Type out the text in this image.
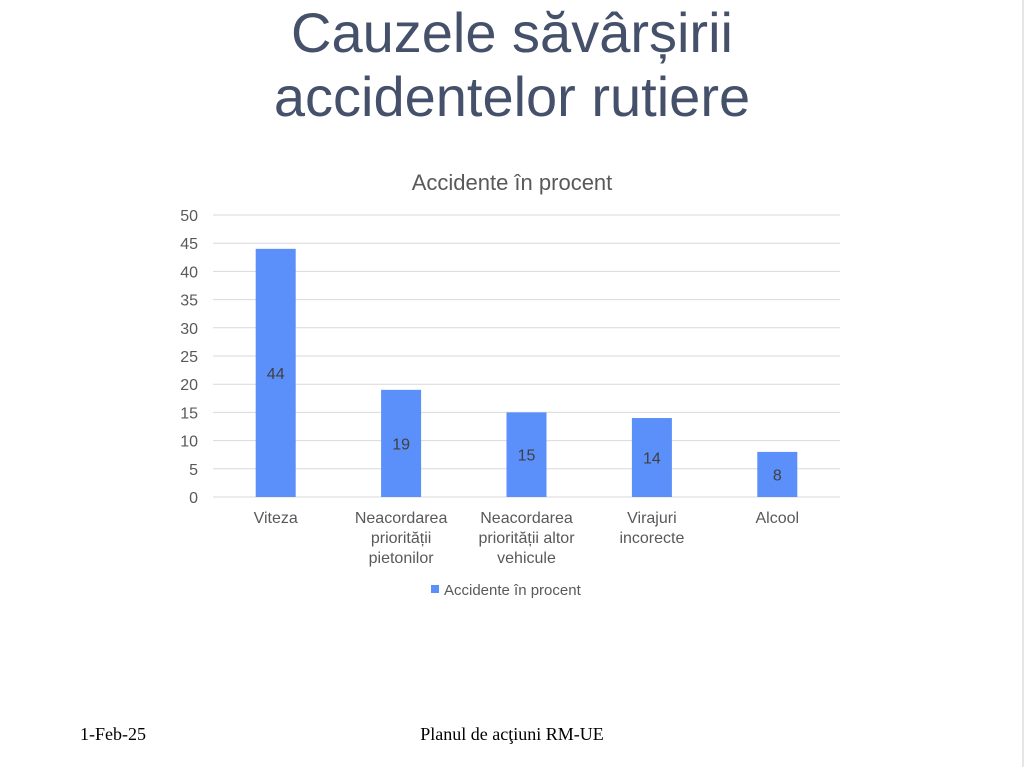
Cauzele săvârșirii
accidentelor rutiere
Accidente în procent
0
5
10
15
20
25
30
35
40
45
50
44
19
15	14
8
Viteza	Neacordarea
priorității
pietonilor
Neacordarea
priorității altor
vehicule
Virajuri
incorecte
Alcool
Accidente în procent
1-Feb-25	Planul de acţiuni RM-UE
